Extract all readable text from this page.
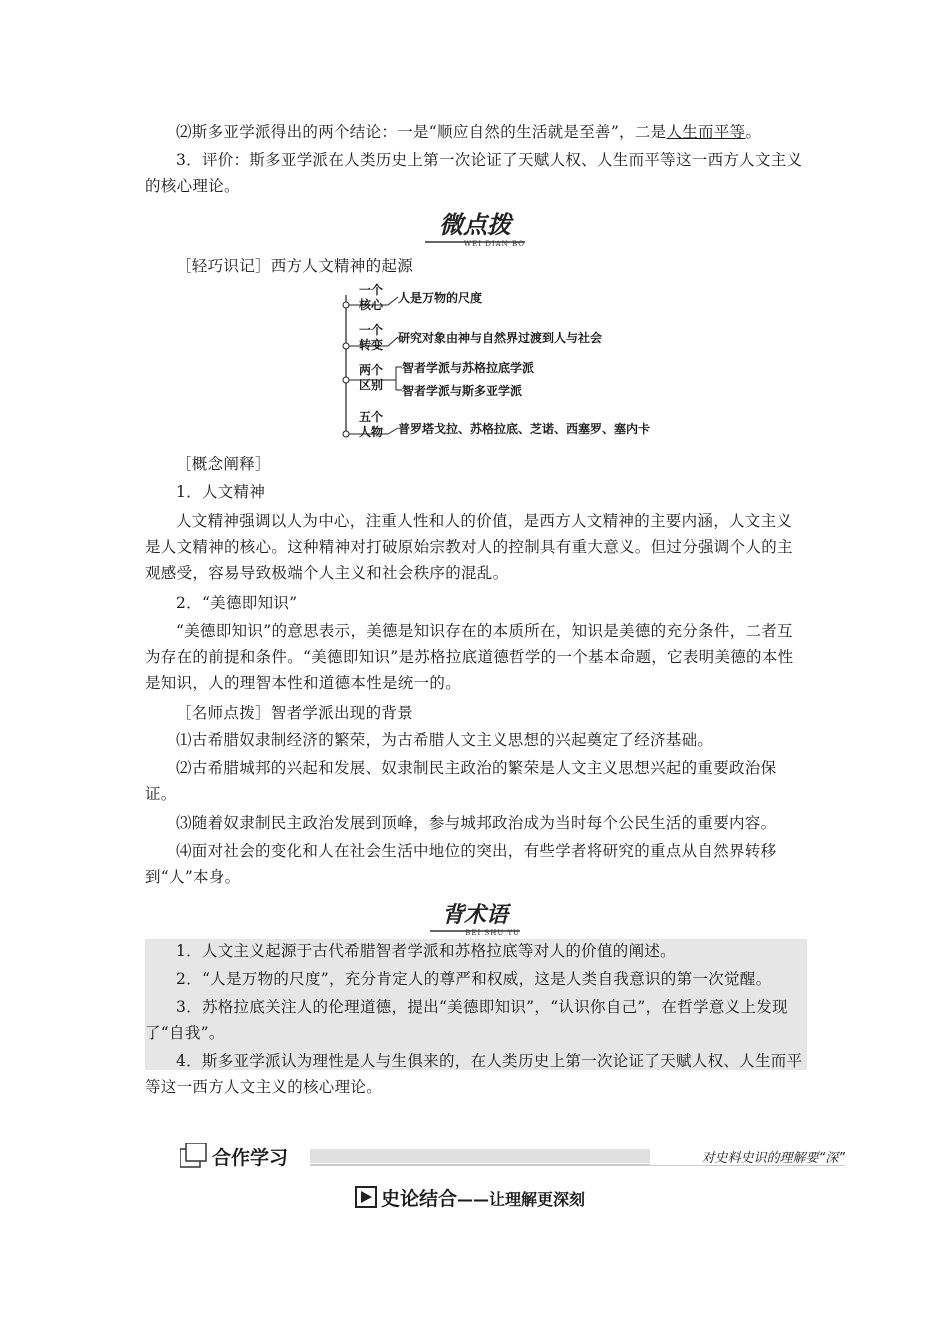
⑵斯多亚学派得出的两个结论：一是“顺应自然的生活就是至善”，二是人生而平等。
3．评价：斯多亚学派在人类历史上第一次论证了天赋人权、人生而平等这一西方人文主义的核心理论。
微点拨
WEI DIAN BO
［轻巧识记］西方人文精神的起源
一个
核心	人是万物的尺度
一个
转变	研究对象由神与自然界过渡到人与社会
两个
区别
智者学派与苏格拉底学派
智者学派与斯多亚学派
五个
人物	普罗塔戈拉、苏格拉底、芝诺、西塞罗、塞内卡
［概念阐释］
1．人文精神
人文精神强调以人为中心，注重人性和人的价值，是西方人文精神的主要内涵，人文主义是人文精神的核心。这种精神对打破原始宗教对人的控制具有重大意义。但过分强调个人的主观感受，容易导致极端个人主义和社会秩序的混乱。
2．“美德即知识”
“美德即知识”的意思表示，美德是知识存在的本质所在，知识是美德的充分条件，二者互为存在的前提和条件。“美德即知识”是苏格拉底道德哲学的一个基本命题，它表明美德的本性是知识，人的理智本性和道德本性是统一的。
［名师点拨］智者学派出现的背景
⑴古希腊奴隶制经济的繁荣，为古希腊人文主义思想的兴起奠定了经济基础。
⑵古希腊城邦的兴起和发展、奴隶制民主政治的繁荣是人文主义思想兴起的重要政治保证。
⑶随着奴隶制民主政治发展到顶峰，参与城邦政治成为当时每个公民生活的重要内容。
⑷面对社会的变化和人在社会生活中地位的突出，有些学者将研究的重点从自然界转移到“人”本身。
背术语
BEI SHU YU
1．人文主义起源于古代希腊智者学派和苏格拉底等对人的价值的阐述。
2．“人是万物的尺度”，充分肯定人的尊严和权威，这是人类自我意识的第一次觉醒。
3．苏格拉底关注人的伦理道德，提出“美德即知识”，“认识你自己”，在哲学意义上发现了“自我”。
4．斯多亚学派认为理性是人与生俱来的，在人类历史上第一次论证了天赋人权、人生而平等这一西方人文主义的核心理论。
合作学习	对史料史识的理解要“深”
史论结合——让理解更深刻
